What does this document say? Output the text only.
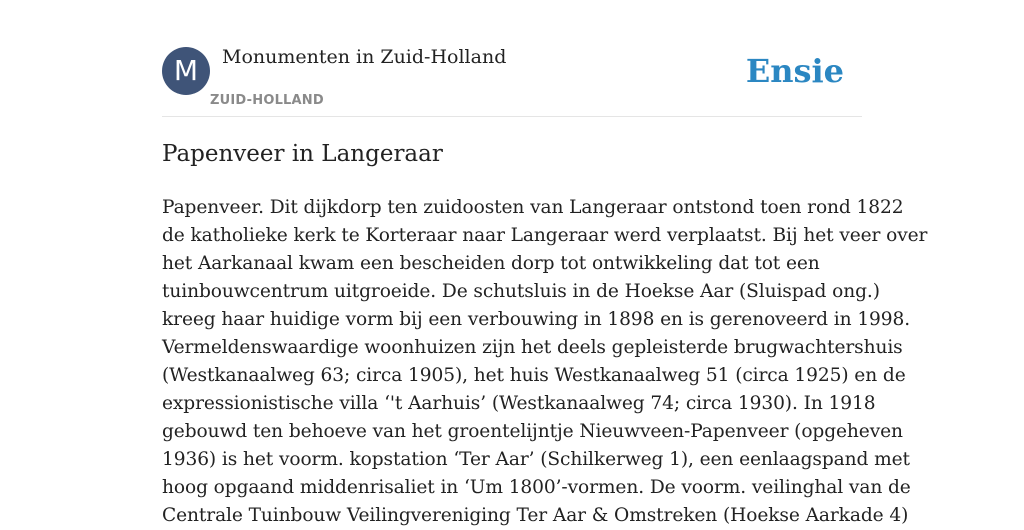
M	Monumenten in Zuid-Holland
ZUID-HOLLAND
Ensie
Papenveer in Langeraar

Papenveer. Dit dijkdorp ten zuidoosten van Langeraar ontstond toen rond 1822
de katholieke kerk te Korteraar naar Langeraar werd verplaatst. Bij het veer over
het Aarkanaal kwam een bescheiden dorp tot ontwikkeling dat tot een
tuinbouwcentrum uitgroeide. De schutsluis in de Hoekse Aar (Sluispad ong.)
kreeg haar huidige vorm bij een verbouwing in 1898 en is gerenoveerd in 1998.
Vermeldenswaardige woonhuizen zijn het deels gepleisterde brugwachtershuis
(Westkanaalweg 63; circa 1905), het huis Westkanaalweg 51 (circa 1925) en de
expressionistische villa ‘'t Aarhuis’ (Westkanaalweg 74; circa 1930). In 1918
gebouwd ten behoeve van het groentelijntje Nieuwveen-Papenveer (opgeheven
1936) is het voorm. kopstation ‘Ter Aar’ (Schilkerweg 1), een eenlaagspand met
hoog opgaand middenrisaliet in ‘Um 1800’-vormen. De voorm. veilinghal van de
Centrale Tuinbouw Veilingvereniging Ter Aar & Omstreken (Hoekse Aarkade 4)
